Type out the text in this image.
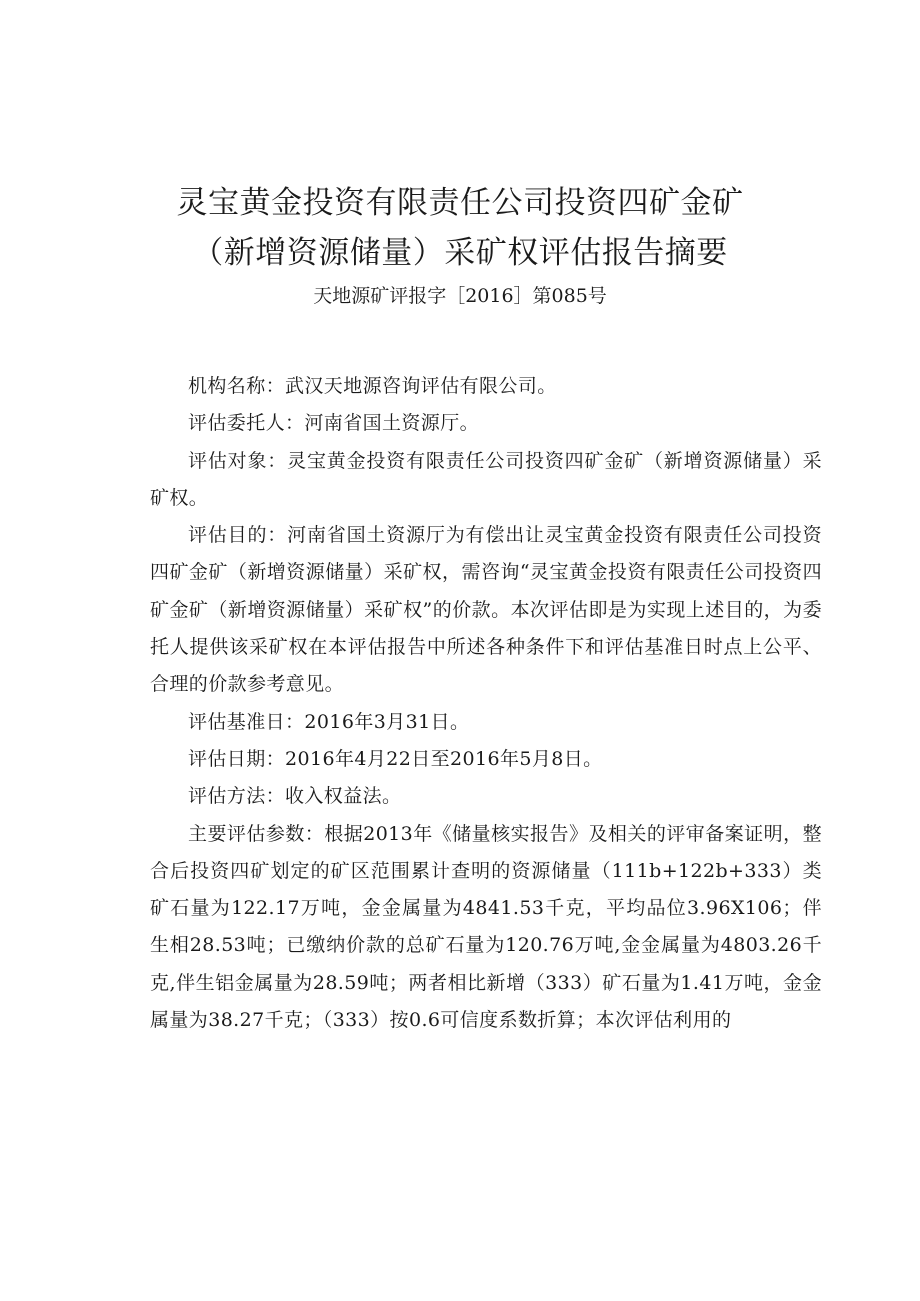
灵宝黄金投资有限责任公司投资四矿金矿
（新增资源储量）采矿权评估报告摘要
天地源矿评报字［2016］第085号

机构名称：武汉天地源咨询评估有限公司。

评估委托人：河南省国土资源厅。

评估对象：灵宝黄金投资有限责任公司投资四矿金矿（新增资源储量）采矿权。

评估目的：河南省国土资源厅为有偿出让灵宝黄金投资有限责任公司投资四矿金矿（新增资源储量）采矿权，需咨询“灵宝黄金投资有限责任公司投资四矿金矿（新增资源储量）采矿权”的价款。本次评估即是为实现上述目的，为委托人提供该采矿权在本评估报告中所述各种条件下和评估基准日时点上公平、合理的价款参考意见。

评估基准日：2016年3月31日。

评估日期：2016年4月22日至2016年5月8日。

评估方法：收入权益法。

主要评估参数：根据2013年《储量核实报告》及相关的评审备案证明，整合后投资四矿划定的矿区范围累计查明的资源储量（111b+122b+333）类矿石量为122.17万吨，金金属量为4841.53千克，平均品位3.96X106；伴生相28.53吨；已缴纳价款的总矿石量为120.76万吨,金金属量为4803.26千克,伴生铝金属量为28.59吨；两者相比新增（333）矿石量为1.41万吨，金金属量为38.27千克；（333）按0.6可信度系数折算；本次评估利用的
